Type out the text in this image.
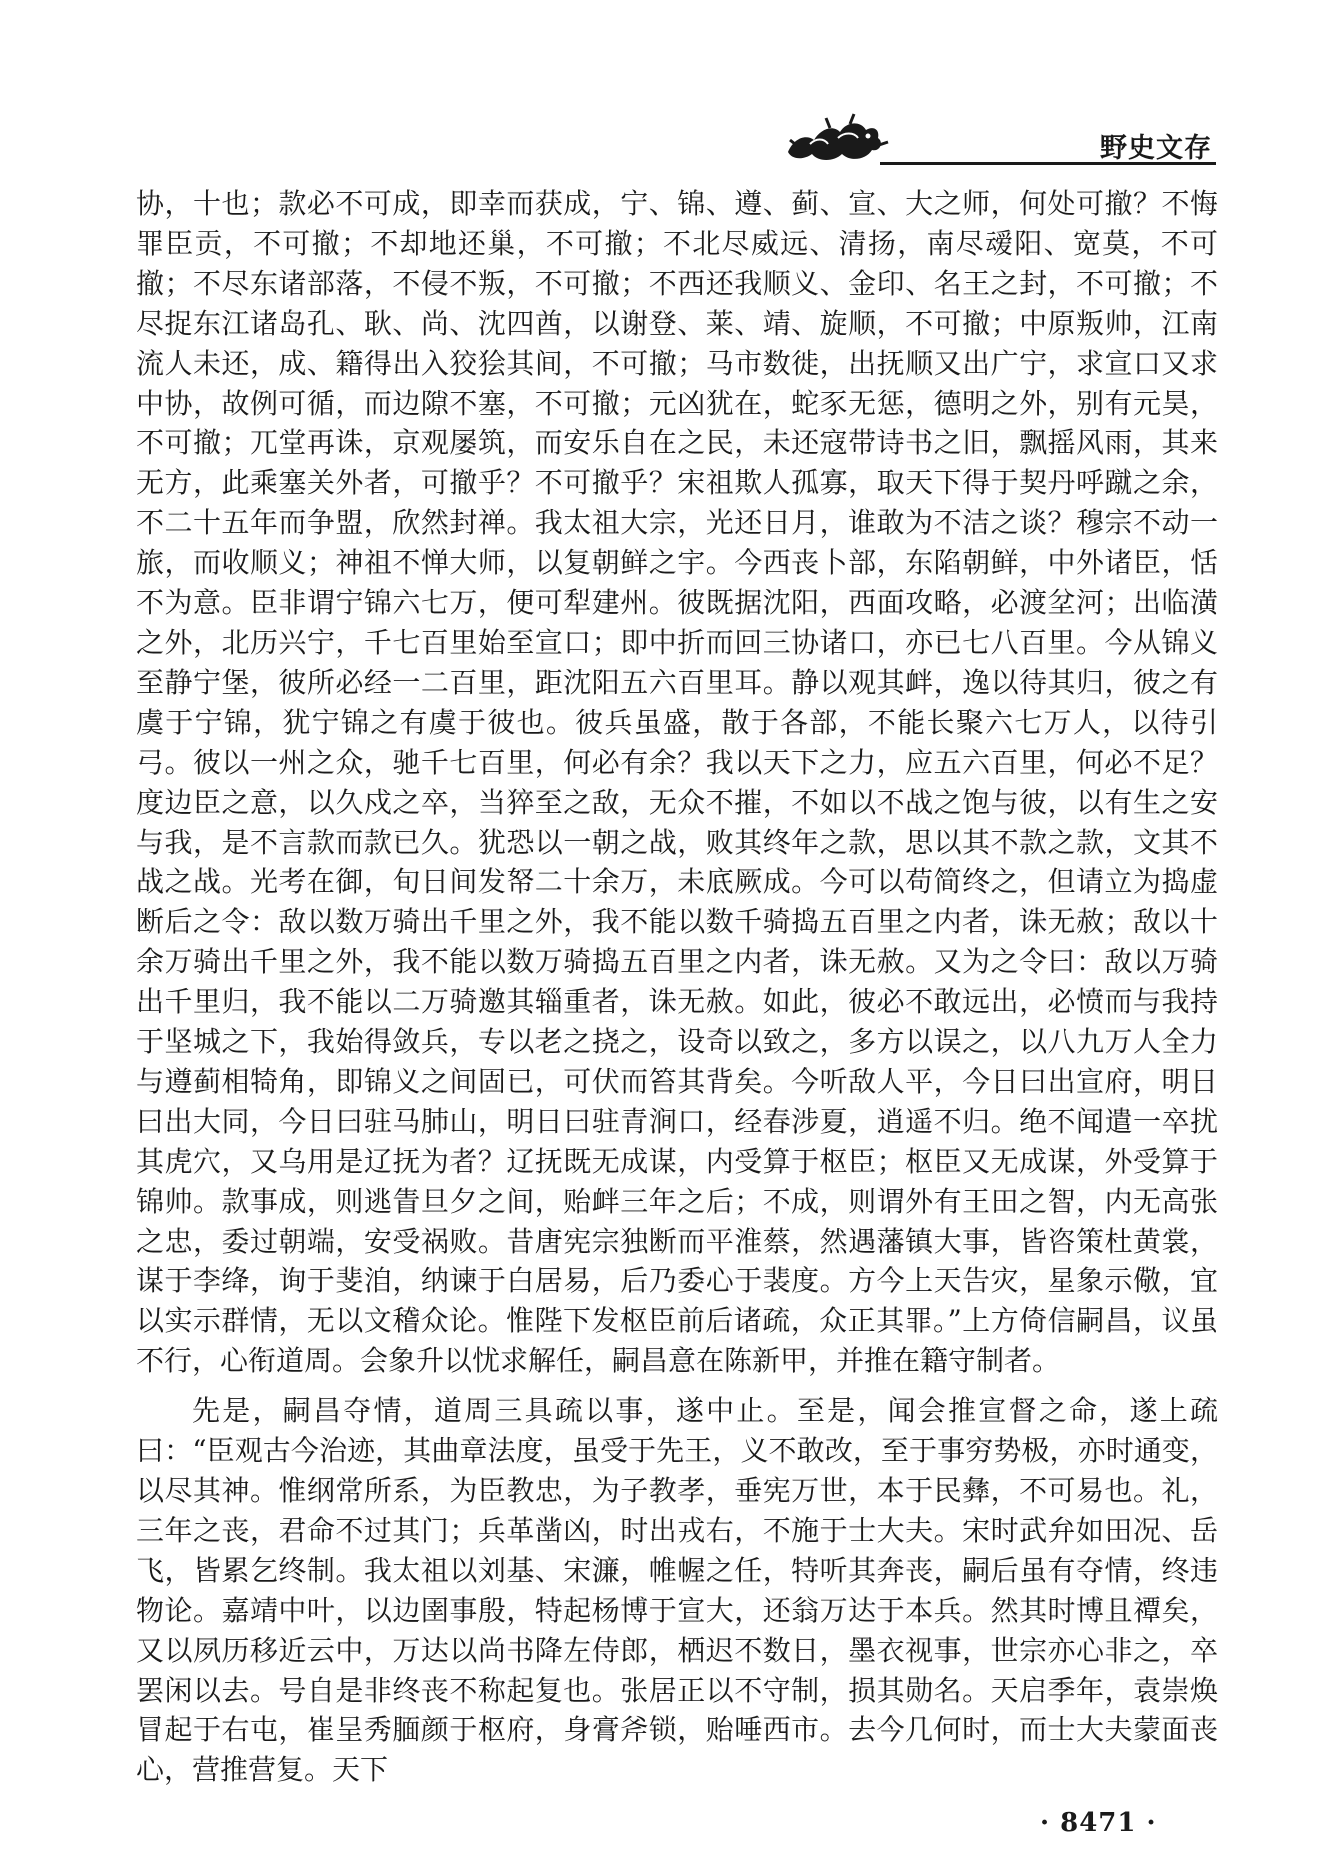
野史文存

协，十也；款必不可成，即幸而获成，宁、锦、遵、蓟、宣、大之师，何处可撤？不悔罪臣贡，不可撤；不却地还巢，不可撤；不北尽威远、清扬，南尽叆阳、宽莫，不可撤；不尽东诸部落，不侵不叛，不可撤；不西还我顺义、金印、名王之封，不可撤；不尽捉东江诸岛孔、耿、尚、沈四酋，以谢登、莱、靖、旋顺，不可撤；中原叛帅，江南流人未还，成、籍得出入狡狯其间，不可撤；马市数徙，出抚顺又出广宁，求宣口又求中协，故例可循，而边隙不塞，不可撤；元凶犹在，蛇豕无惩，德明之外，别有元昊，不可撤；兀堂再诛，京观屡筑，而安乐自在之民，未还寇带诗书之旧，飘摇风雨，其来无方，此乘塞关外者，可撤乎？不可撤乎？宋祖欺人孤寡，取天下得于契丹呼蹴之余，不二十五年而争盟，欣然封禅。我太祖大宗，光还日月，谁敢为不洁之谈？穆宗不动一旅，而收顺义；神祖不惮大师，以复朝鲜之宇。今西丧卜部，东陷朝鲜，中外诸臣，恬不为意。臣非谓宁锦六七万，便可犁建州。彼既据沈阳，西面攻略，必渡坌河；出临潢之外，北历兴宁，千七百里始至宣口；即中折而回三协诸口，亦已七八百里。今从锦义至静宁堡，彼所必经一二百里，距沈阳五六百里耳。静以观其衅，逸以待其归，彼之有虞于宁锦，犹宁锦之有虞于彼也。彼兵虽盛，散于各部，不能长聚六七万人，以待引弓。彼以一州之众，驰千七百里，何必有余？我以天下之力，应五六百里，何必不足？度边臣之意，以久戍之卒，当猝至之敌，无众不摧，不如以不战之饱与彼，以有生之安与我，是不言款而款已久。犹恐以一朝之战，败其终年之款，思以其不款之款，文其不战之战。光考在御，旬日间发帑二十余万，未底厥成。今可以苟简终之，但请立为捣虚断后之令：敌以数万骑出千里之外，我不能以数千骑捣五百里之内者，诛无赦；敌以十余万骑出千里之外，我不能以数万骑捣五百里之内者，诛无赦。又为之令曰：敌以万骑出千里归，我不能以二万骑邀其辎重者，诛无赦。如此，彼必不敢远出，必愤而与我持于坚城之下，我始得敛兵，专以老之挠之，设奇以致之，多方以误之，以八九万人全力与遵蓟相犄角，即锦义之间固已，可伏而笞其背矣。今听敌人平，今日曰出宣府，明日曰出大同，今日曰驻马肺山，明日曰驻青涧口，经春涉夏，逍遥不归。绝不闻遣一卒扰其虎穴，又乌用是辽抚为者？辽抚既无成谋，内受算于枢臣；枢臣又无成谋，外受算于锦帅。款事成，则逃眚旦夕之间，贻衅三年之后；不成，则谓外有王田之智，内无高张之忠，委过朝端，安受祸败。昔唐宪宗独断而平淮蔡，然遇藩镇大事，皆咨策杜黄裳，谋于李绛，询于斐洎，纳谏于白居易，后乃委心于裴度。方今上天告灾，星象示儆，宜以实示群情，无以文稽众论。惟陛下发枢臣前后诸疏，众正其罪。”上方倚信嗣昌，议虽不行，心衔道周。会象升以忧求解任，嗣昌意在陈新甲，并推在籍守制者。

先是，嗣昌夺情，道周三具疏以事，遂中止。至是，闻会推宣督之命，遂上疏曰：“臣观古今治迹，其曲章法度，虽受于先王，义不敢改，至于事穷势极，亦时通变，以尽其神。惟纲常所系，为臣教忠，为子教孝，垂宪万世，本于民彝，不可易也。礼，三年之丧，君命不过其门；兵革凿凶，时出戎右，不施于士大夫。宋时武弁如田况、岳飞，皆累乞终制。我太祖以刘基、宋濂，帷幄之任，特听其奔丧，嗣后虽有夺情，终违物论。嘉靖中叶，以边圉事殷，特起杨博于宣大，还翁万达于本兵。然其时博且禫矣，又以夙历移近云中，万达以尚书降左侍郎，栖迟不数日，墨衣视事，世宗亦心非之，卒罢闲以去。号自是非终丧不称起复也。张居正以不守制，损其勋名。天启季年，袁崇焕冒起于右屯，崔呈秀腼颜于枢府，身膏斧锁，贻唾西市。去今几何时，而士大夫蒙面丧心，营推营复。天下

· 8471 ·
